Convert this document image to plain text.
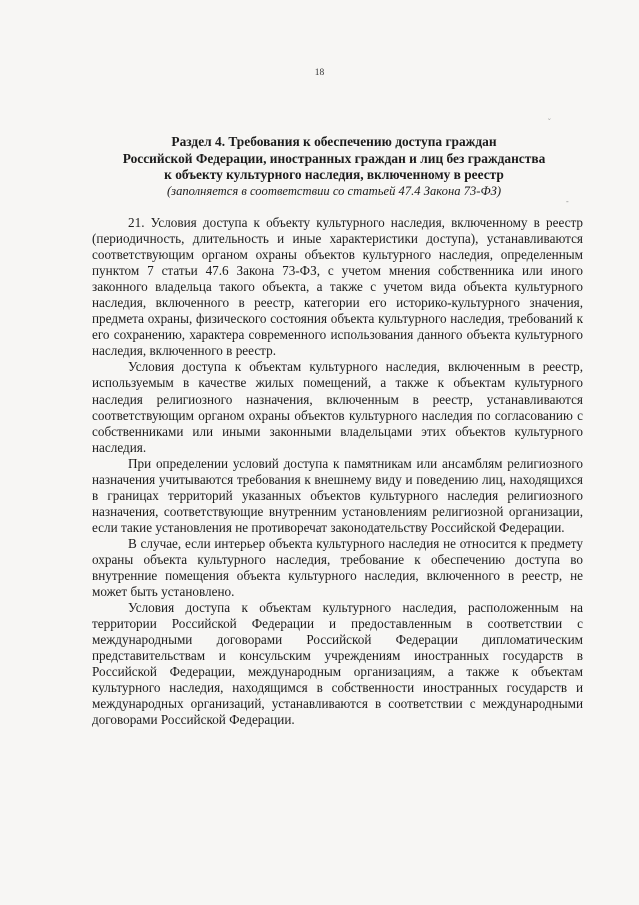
18
Раздел 4. Требования к обеспечению доступа граждан
Российской Федерации, иностранных граждан и лиц без гражданства
к объекту культурного наследия, включенному в реестр
(заполняется в соответствии со статьей 47.4 Закона 73-ФЗ)

21. Условия доступа к объекту культурного наследия, включенному в реестр (периодичность, длительность и иные характеристики доступа), устанавливаются соответствующим органом охраны объектов культурного наследия, определенным пунктом 7 статьи 47.6 Закона 73-ФЗ, с учетом мнения собственника или иного законного владельца такого объекта, а также с учетом вида объекта культурного наследия, включенного в реестр, категории его историко-культурного значения, предмета охраны, физического состояния объекта культурного наследия, требований к его сохранению, характера современного использования данного объекта культурного наследия, включенного в реестр.

Условия доступа к объектам культурного наследия, включенным в реестр, используемым в качестве жилых помещений, а также к объектам культурного наследия религиозного назначения, включенным в реестр, устанавливаются соответствующим органом охраны объектов культурного наследия по согласованию с собственниками или иными законными владельцами этих объектов культурного наследия.

При определении условий доступа к памятникам или ансамблям религиозного назначения учитываются требования к внешнему виду и поведению лиц, находящихся в границах территорий указанных объектов культурного наследия религиозного назначения, соответствующие внутренним установлениям религиозной организации, если такие установления не противоречат законодательству Российской Федерации.

В случае, если интерьер объекта культурного наследия не относится к предмету охраны объекта культурного наследия, требование к обеспечению доступа во внутренние помещения объекта культурного наследия, включенного в реестр, не может быть установлено.

Условия доступа к объектам культурного наследия, расположенным на территории Российской Федерации и предоставленным в соответствии с международными договорами Российской Федерации дипломатическим представительствам и консульским учреждениям иностранных государств в Российской Федерации, международным организациям, а также к объектам культурного наследия, находящимся в собственности иностранных государств и международных организаций, устанавливаются в соответствии с международными договорами Российской Федерации.

˘
-
